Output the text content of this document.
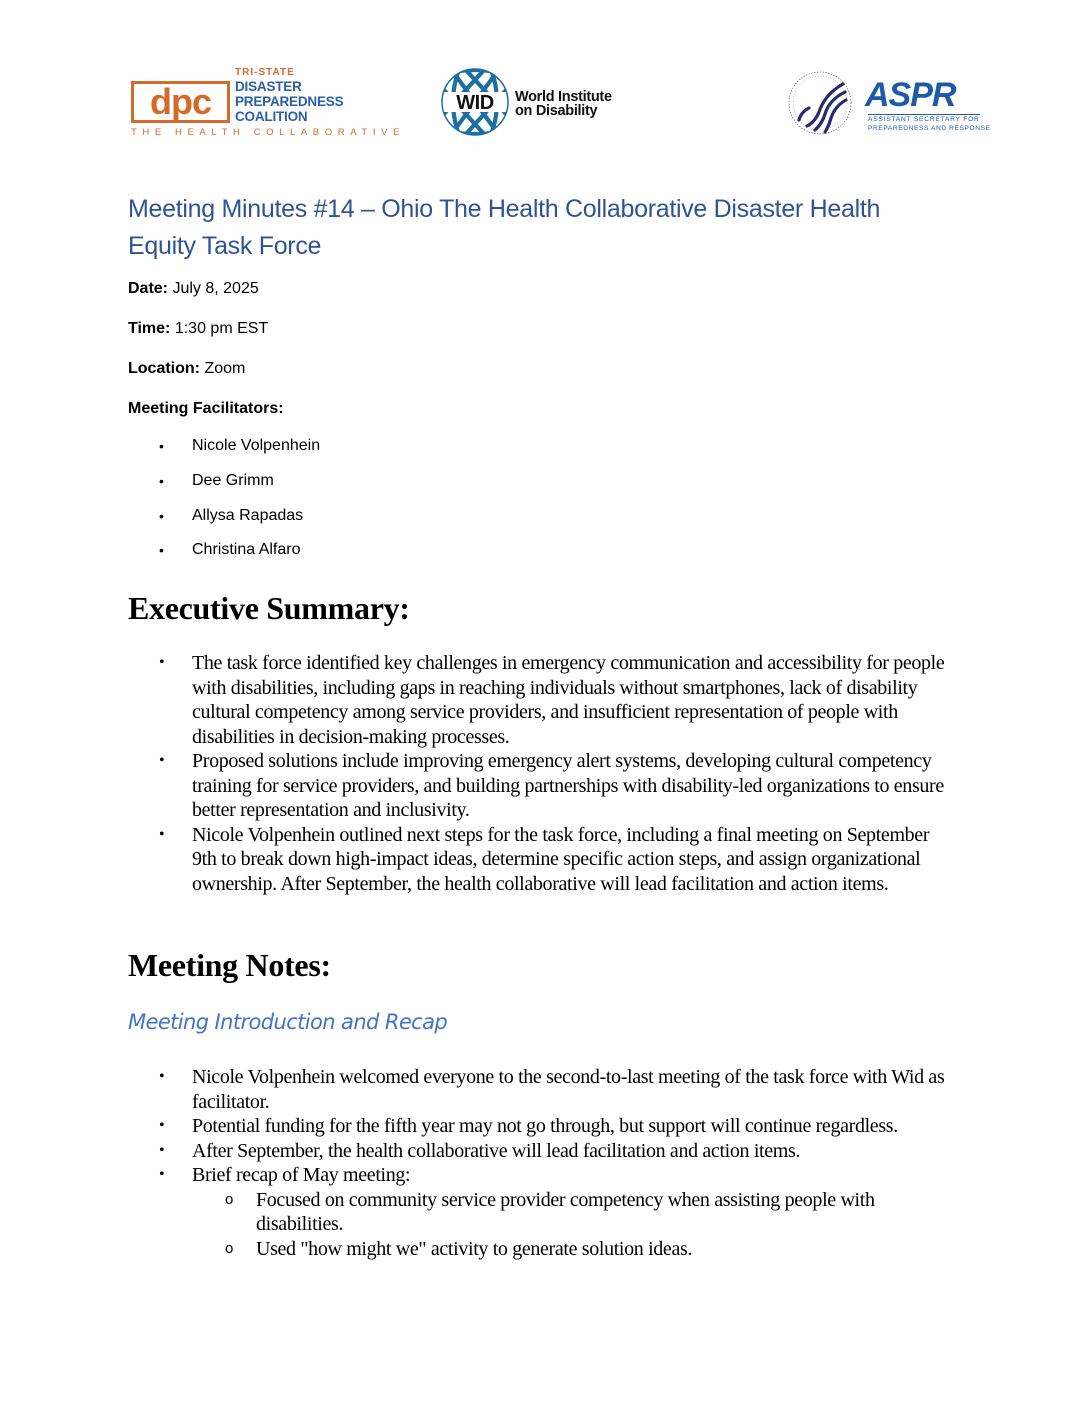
dpc
TRI-STATE
DISASTER
PREPAREDNESS
COALITION
THE HEALTH COLLABORATIVE
WID World Institute
on Disability	ASPR
ASSISTANT SECRETARY FOR
PREPAREDNESS AND RESPONSE
Meeting Minutes #14 – Ohio The Health Collaborative Disaster Health Equity Task Force
Date: July 8, 2025
Time: 1:30 pm EST
Location: Zoom
Meeting Facilitators:
• Nicole Volpenhein
• Dee Grimm
• Allysa Rapadas
• Christina Alfaro
Executive Summary:
• The task force identified key challenges in emergency communication and accessibility for people with disabilities, including gaps in reaching individuals without smartphones, lack of disability cultural competency among service providers, and insufficient representation of people with disabilities in decision-making processes.
• Proposed solutions include improving emergency alert systems, developing cultural competency training for service providers, and building partnerships with disability-led organizations to ensure better representation and inclusivity.
• Nicole Volpenhein outlined next steps for the task force, including a final meeting on September 9th to break down high-impact ideas, determine specific action steps, and assign organizational ownership. After September, the health collaborative will lead facilitation and action items.
Meeting Notes:
Meeting Introduction and Recap
• Nicole Volpenhein welcomed everyone to the second-to-last meeting of the task force with Wid as facilitator.
• Potential funding for the fifth year may not go through, but support will continue regardless.
• After September, the health collaborative will lead facilitation and action items.
• Brief recap of May meeting:
o Focused on community service provider competency when assisting people with disabilities.
o Used "how might we" activity to generate solution ideas.
